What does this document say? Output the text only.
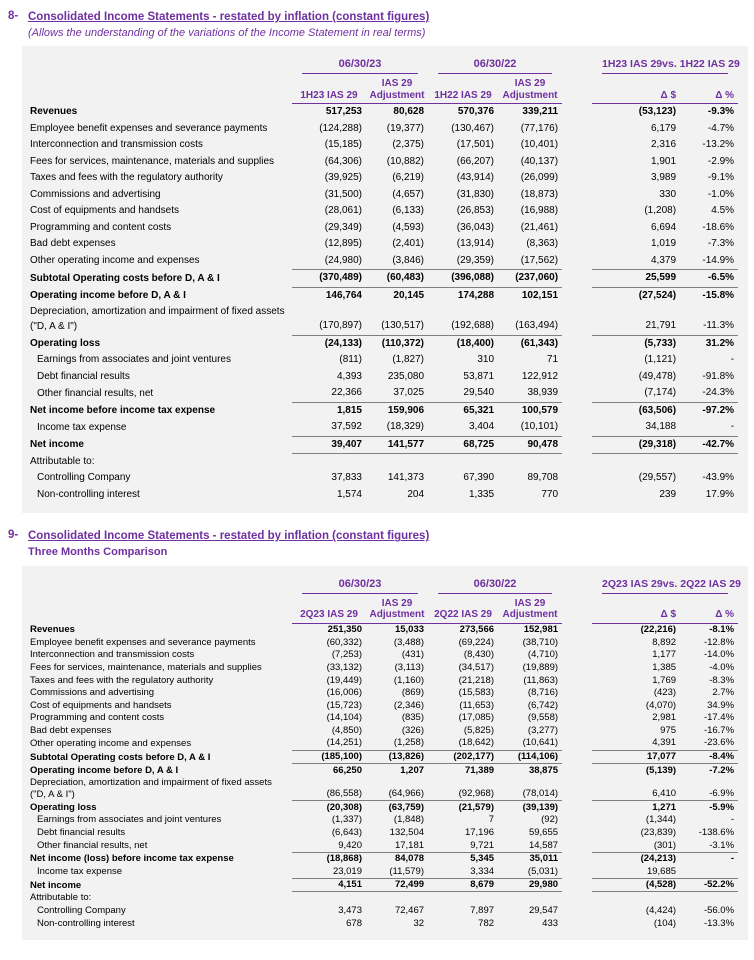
8- Consolidated Income Statements - restated by inflation (constant figures)
(Allows the understanding of the variations of the Income Statement in real terms)

	06/30/23		06/30/22			1H23 IAS 29 vs. 1H22 IAS 29	

	1H23 IAS 29	IAS 29 Adjustment	1H22 IAS 29	IAS 29 Adjustment		Δ $	Δ %
Revenues	517,253	80,628	570,376	339,211		(53,123)	-9.3%
Employee benefit expenses and severance payments	(124,288)	(19,377)	(130,467)	(77,176)		6,179	-4.7%
Interconnection and transmission costs	(15,185)	(2,375)	(17,501)	(10,401)		2,316	-13.2%
Fees for services, maintenance, materials and supplies	(64,306)	(10,882)	(66,207)	(40,137)		1,901	-2.9%
Taxes and fees with the regulatory authority	(39,925)	(6,219)	(43,914)	(26,099)		3,989	-9.1%
Commissions and advertising	(31,500)	(4,657)	(31,830)	(18,873)		330	-1.0%
Cost of equipments and handsets	(28,061)	(6,133)	(26,853)	(16,988)		(1,208)	4.5%
Programming and content costs	(29,349)	(4,593)	(36,043)	(21,461)		6,694	-18.6%
Bad debt expenses	(12,895)	(2,401)	(13,914)	(8,363)		1,019	-7.3%
Other operating income and expenses	(24,980)	(3,846)	(29,359)	(17,562)		4,379	-14.9%
Subtotal Operating costs before D, A & I	(370,489)	(60,483)	(396,088)	(237,060)		25,599	-6.5%
Operating income before D, A & I	146,764	20,145	174,288	102,151		(27,524)	-15.8%
Depreciation, amortization and impairment of fixed assets ("D, A & I")	(170,897)	(130,517)	(192,688)	(163,494)		21,791	-11.3%
Operating loss	(24,133)	(110,372)	(18,400)	(61,343)		(5,733)	31.2%
Earnings from associates and joint ventures	(811)	(1,827)	310	71		(1,121)	-
Debt financial results	4,393	235,080	53,871	122,912		(49,478)	-91.8%
Other financial results, net	22,366	37,025	29,540	38,939		(7,174)	-24.3%
Net income before income tax expense	1,815	159,906	65,321	100,579		(63,506)	-97.2%
Income tax expense	37,592	(18,329)	3,404	(10,101)		34,188	-
Net income	39,407	141,577	68,725	90,478		(29,318)	-42.7%
Attributable to:							
Controlling Company	37,833	141,373	67,390	89,708		(29,557)	-43.9%
Non-controlling interest	1,574	204	1,335	770		239	17.9%
9- Consolidated Income Statements - restated by inflation (constant figures)
Three Months Comparison

	06/30/23		06/30/22			2Q23 IAS 29 vs. 2Q22 IAS 29	

	2Q23 IAS 29	IAS 29 Adjustment	2Q22 IAS 29	IAS 29 Adjustment		Δ $	Δ %
Revenues	251,350	15,033	273,566	152,981		(22,216)	-8.1%
Employee benefit expenses and severance payments	(60,332)	(3,488)	(69,224)	(38,710)		8,892	-12.8%
Interconnection and transmission costs	(7,253)	(431)	(8,430)	(4,710)		1,177	-14.0%
Fees for services, maintenance, materials and supplies	(33,132)	(3,113)	(34,517)	(19,889)		1,385	-4.0%
Taxes and fees with the regulatory authority	(19,449)	(1,160)	(21,218)	(11,863)		1,769	-8.3%
Commissions and advertising	(16,006)	(869)	(15,583)	(8,716)		(423)	2.7%
Cost of equipments and handsets	(15,723)	(2,346)	(11,653)	(6,742)		(4,070)	34.9%
Programming and content costs	(14,104)	(835)	(17,085)	(9,558)		2,981	-17.4%
Bad debt expenses	(4,850)	(326)	(5,825)	(3,277)		975	-16.7%
Other operating income and expenses	(14,251)	(1,258)	(18,642)	(10,641)		4,391	-23.6%
Subtotal Operating costs before D, A & I	(185,100)	(13,826)	(202,177)	(114,106)		17,077	-8.4%
Operating income before D, A & I	66,250	1,207	71,389	38,875		(5,139)	-7.2%
Depreciation, amortization and impairment of fixed assets ("D, A & I")	(86,558)	(64,966)	(92,968)	(78,014)		6,410	-6.9%
Operating loss	(20,308)	(63,759)	(21,579)	(39,139)		1,271	-5.9%
Earnings from associates and joint ventures	(1,337)	(1,848)	7	(92)		(1,344)	-
Debt financial results	(6,643)	132,504	17,196	59,655		(23,839)	-138.6%
Other financial results, net	9,420	17,181	9,721	14,587		(301)	-3.1%
Net income (loss) before income tax expense	(18,868)	84,078	5,345	35,011		(24,213)	-
Income tax expense	23,019	(11,579)	3,334	(5,031)		19,685	
Net income	4,151	72,499	8,679	29,980		(4,528)	-52.2%
Attributable to:							
Controlling Company	3,473	72,467	7,897	29,547		(4,424)	-56.0%
Non-controlling interest	678	32	782	433		(104)	-13.3%
